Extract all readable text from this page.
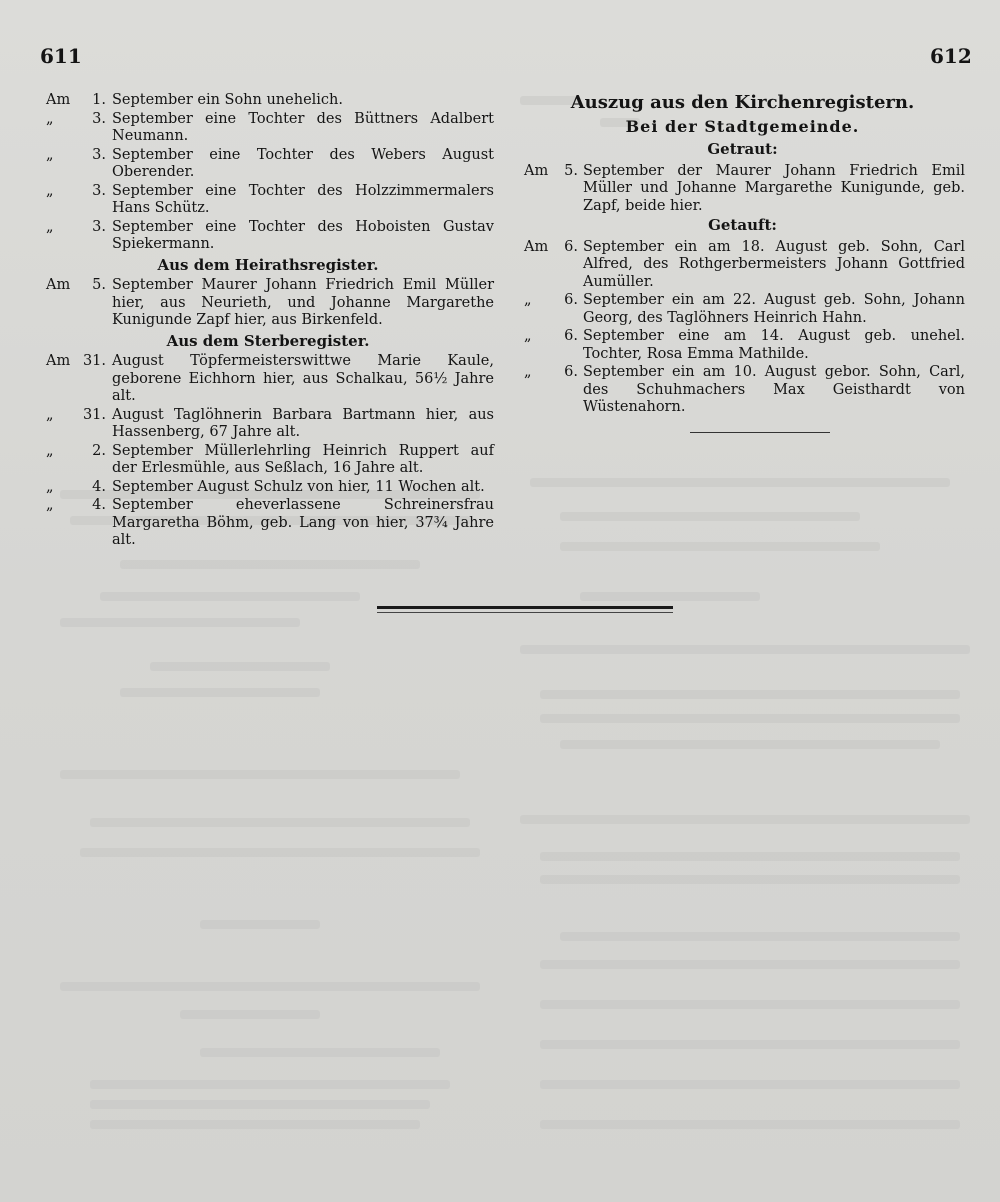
611	612
Am	1. September ein Sohn unehelich.
„	3. September eine Tochter des Büttners Adalbert Neumann.
„	3. September eine Tochter des Webers August Oberender.
„	3. September eine Tochter des Holzzimmermalers Hans Schütz.
„	3. September eine Tochter des Hoboisten Gustav Spiekermann.
Aus dem Heirathsregister.
Am	5. September Maurer Johann Friedrich Emil Müller hier, aus Neurieth, und Johanne Margarethe Kunigunde Zapf hier, aus Birkenfeld.
Aus dem Sterberegister.
Am 31. August Töpfermeisterswittwe Marie Kaule, geborene Eichhorn hier, aus Schalkau, 56½ Jahre alt.
„	31. August Taglöhnerin Barbara Bartmann hier, aus Hassenberg, 67 Jahre alt.
„	2. September Müllerlehrling Heinrich Ruppert auf der Erlesmühle, aus Seßlach, 16 Jahre alt.
„	4. September August Schulz von hier, 11 Wochen alt.
„	4. September eheverlassene Schreinersfrau Margaretha Böhm, geb. Lang von hier, 37¾ Jahre alt.
Auszug aus den Kirchenregistern.
Bei der Stadtgemeinde.
Getraut:
Am	5. September der Maurer Johann Friedrich Emil Müller und Johanne Margarethe Kunigunde, geb. Zapf, beide hier.
Getauft:
Am	6. September ein am 18. August geb. Sohn, Carl Alfred, des Rothgerbermeisters Johann Gottfried Aumüller.
„	6. September ein am 22. August geb. Sohn, Johann Georg, des Taglöhners Heinrich Hahn.
„	6. September eine am 14. August geb. unehel. Tochter, Rosa Emma Mathilde.
„	6. September ein am 10. August gebor. Sohn, Carl, des Schuhmachers Max Geisthardt von Wüstenahorn.
